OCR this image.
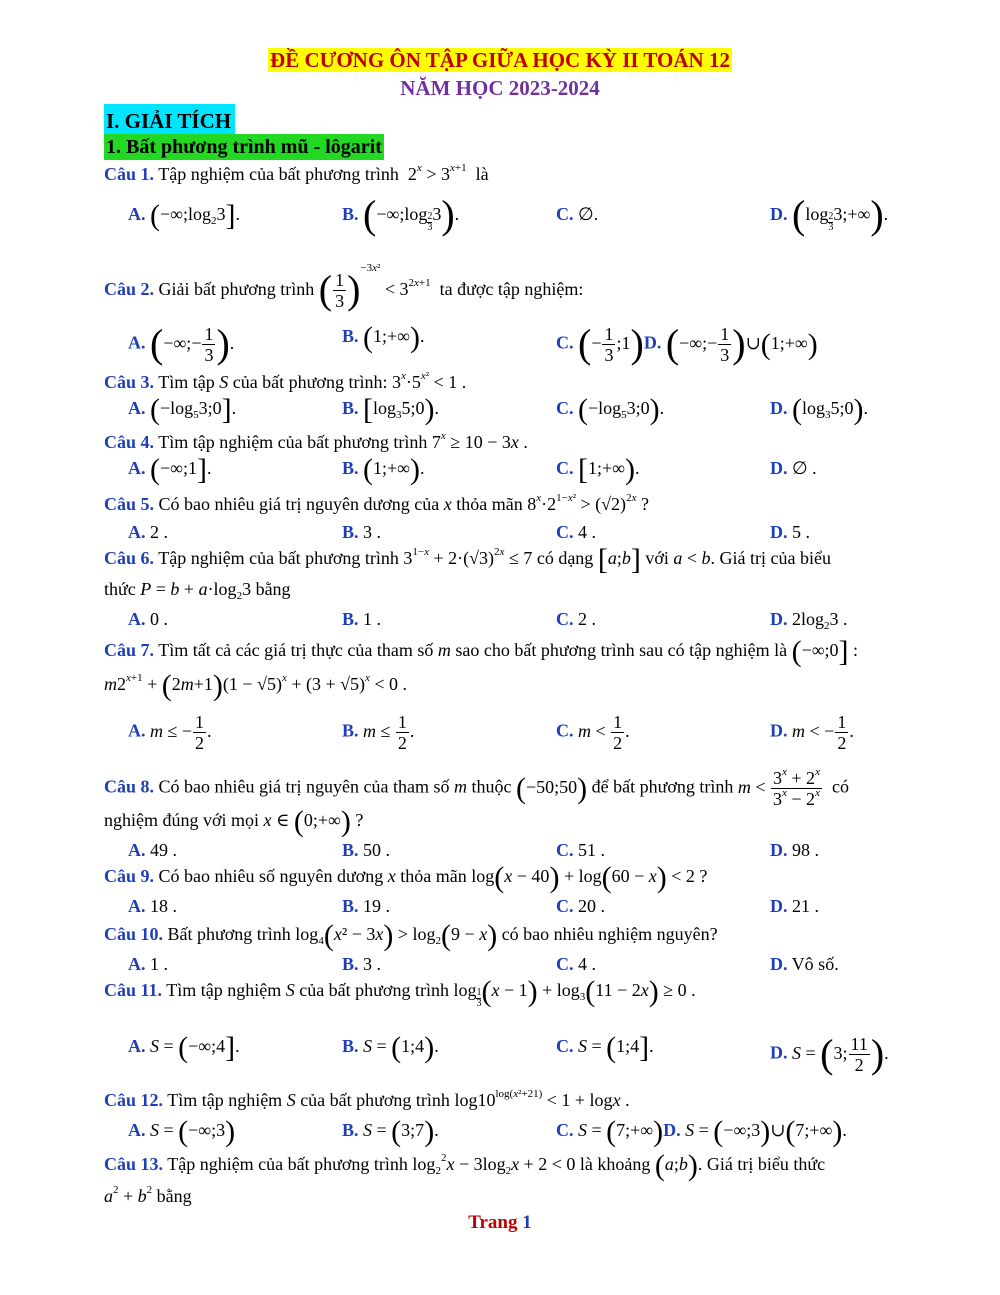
ĐỀ CƯƠNG ÔN TẬP GIỮA HỌC KỲ II TOÁN 12
NĂM HỌC 2023-2024
I. GIẢI TÍCH
1. Bất phương trình mũ - lôgarit
Câu 1. Tập nghiệm của bất phương trình $2^x > 3^{x+1}$ là
A. $(-\infty;\log_23]$.	B. (−∞;log $\frac{2}{3}3$).	C. ∅.	D. $(\log \frac{2}{3}3;+\infty)$.
Câu 2. Giải bất phương trình ( $\frac{1}{3} )^{-3x^2} < 3^{2x+1}$ ta được tập nghiệm:
A. (−∞;− $\frac{1}{3}$ ).	B. (1;+∞).	C. (− $\frac{1}{3}$ ;1)D. (−∞;− $\frac{1}{3}$ )∪(1;+∞)
Câu 3. Tìm tập S của bất phương trình: $3^x\cdot 5^{x^2} < 1$ .
A. $(-\log_53;0]$.	B. $[\log_35;0)$.	C. $(-\log_53;0)$.	D. $(\log_35;0)$.
Câu 4. Tìm tập nghiệm của bất phương trình $7^x \ge 10 - 3x$ .
A. (−∞;1].	B. (1;+∞).	C. [1;+∞).	D. ∅ .
Câu 5. Có bao nhiêu giá trị nguyên dương của x thỏa mãn $8^x\cdot 2^{1-x^2} > (√2)^{2x}$ ?
A. 2 .	B. 3 .	C. 4 .	D. 5 .
Câu 6. Tập nghiệm của bất phương trình $3^{1-x} + 2\cdot(√3)^{2x} \le 7$ có dạng [a;b] với a < b. Giá trị của biểu
thức $P = b + a\cdot\log_23$ bằng
A. 0 .	B. 1 .	C. 2 .	D. $2\log_23$ .
Câu 7. Tìm tất cả các giá trị thực của tham số m sao cho bất phương trình sau có tập nghiệm là (−∞;0] :
$m2^{x+1} + (2m+1)(1 - √5)^x + (3 + √5)^x < 0$ .
A. m ≤ − $\frac{1}{2}$ .	B. $m \le \frac{1}{2}$ .	C. $m < \frac{1}{2}$ .	D. m < − $\frac{1}{2}$ .
Câu 8. Có bao nhiêu giá trị nguyên của tham số m thuộc (−50;50) để bất phương trình $m < \frac{3^x + 2^x}{3^x - 2^x}$ có
nghiệm đúng với mọi x ∈ (0;+∞) ?
A. 49 .	B. 50 .	C. 51 .	D. 98 .
Câu 9. Có bao nhiêu số nguyên dương x thỏa mãn log(x − 40) + log(60 − x) < 2 ?
A. 18 .	B. 19 .	C. 20 .	D. 21 .
Câu 10. Bất phương trình $\log_4(x^2 - 3x) > \log_2(9 - x)$ có bao nhiêu nghiệm nguyên?
A. 1 .	B. 3 .	C. 4 .	D. Vô số.
Câu 11. Tìm tập nghiệm S của bất phương trình $\log \frac{1}{3}(x - 1) + \log_3(11 - 2x) \ge 0$ .
A. S = (−∞;4].	B. S = (1;4).	C. S = (1;4].	D. S = (3; $\frac{11}{2}$ ).
Câu 12. Tìm tập nghiệm S của bất phương trình $\log 10^{log(x^2+21)} < 1 + \log x$ .
A. S = (−∞;3)	B. S = (3;7).	C. S = (7;+∞)D. S = (−∞;3)∪(7;+∞).
Câu 13. Tập nghiệm của bất phương trình $\log_2^2x - 3\log_2x + 2 < 0$ là khoảng (a;b). Giá trị biểu thức
$a^2 + b^2$ bằng
Trang 1
